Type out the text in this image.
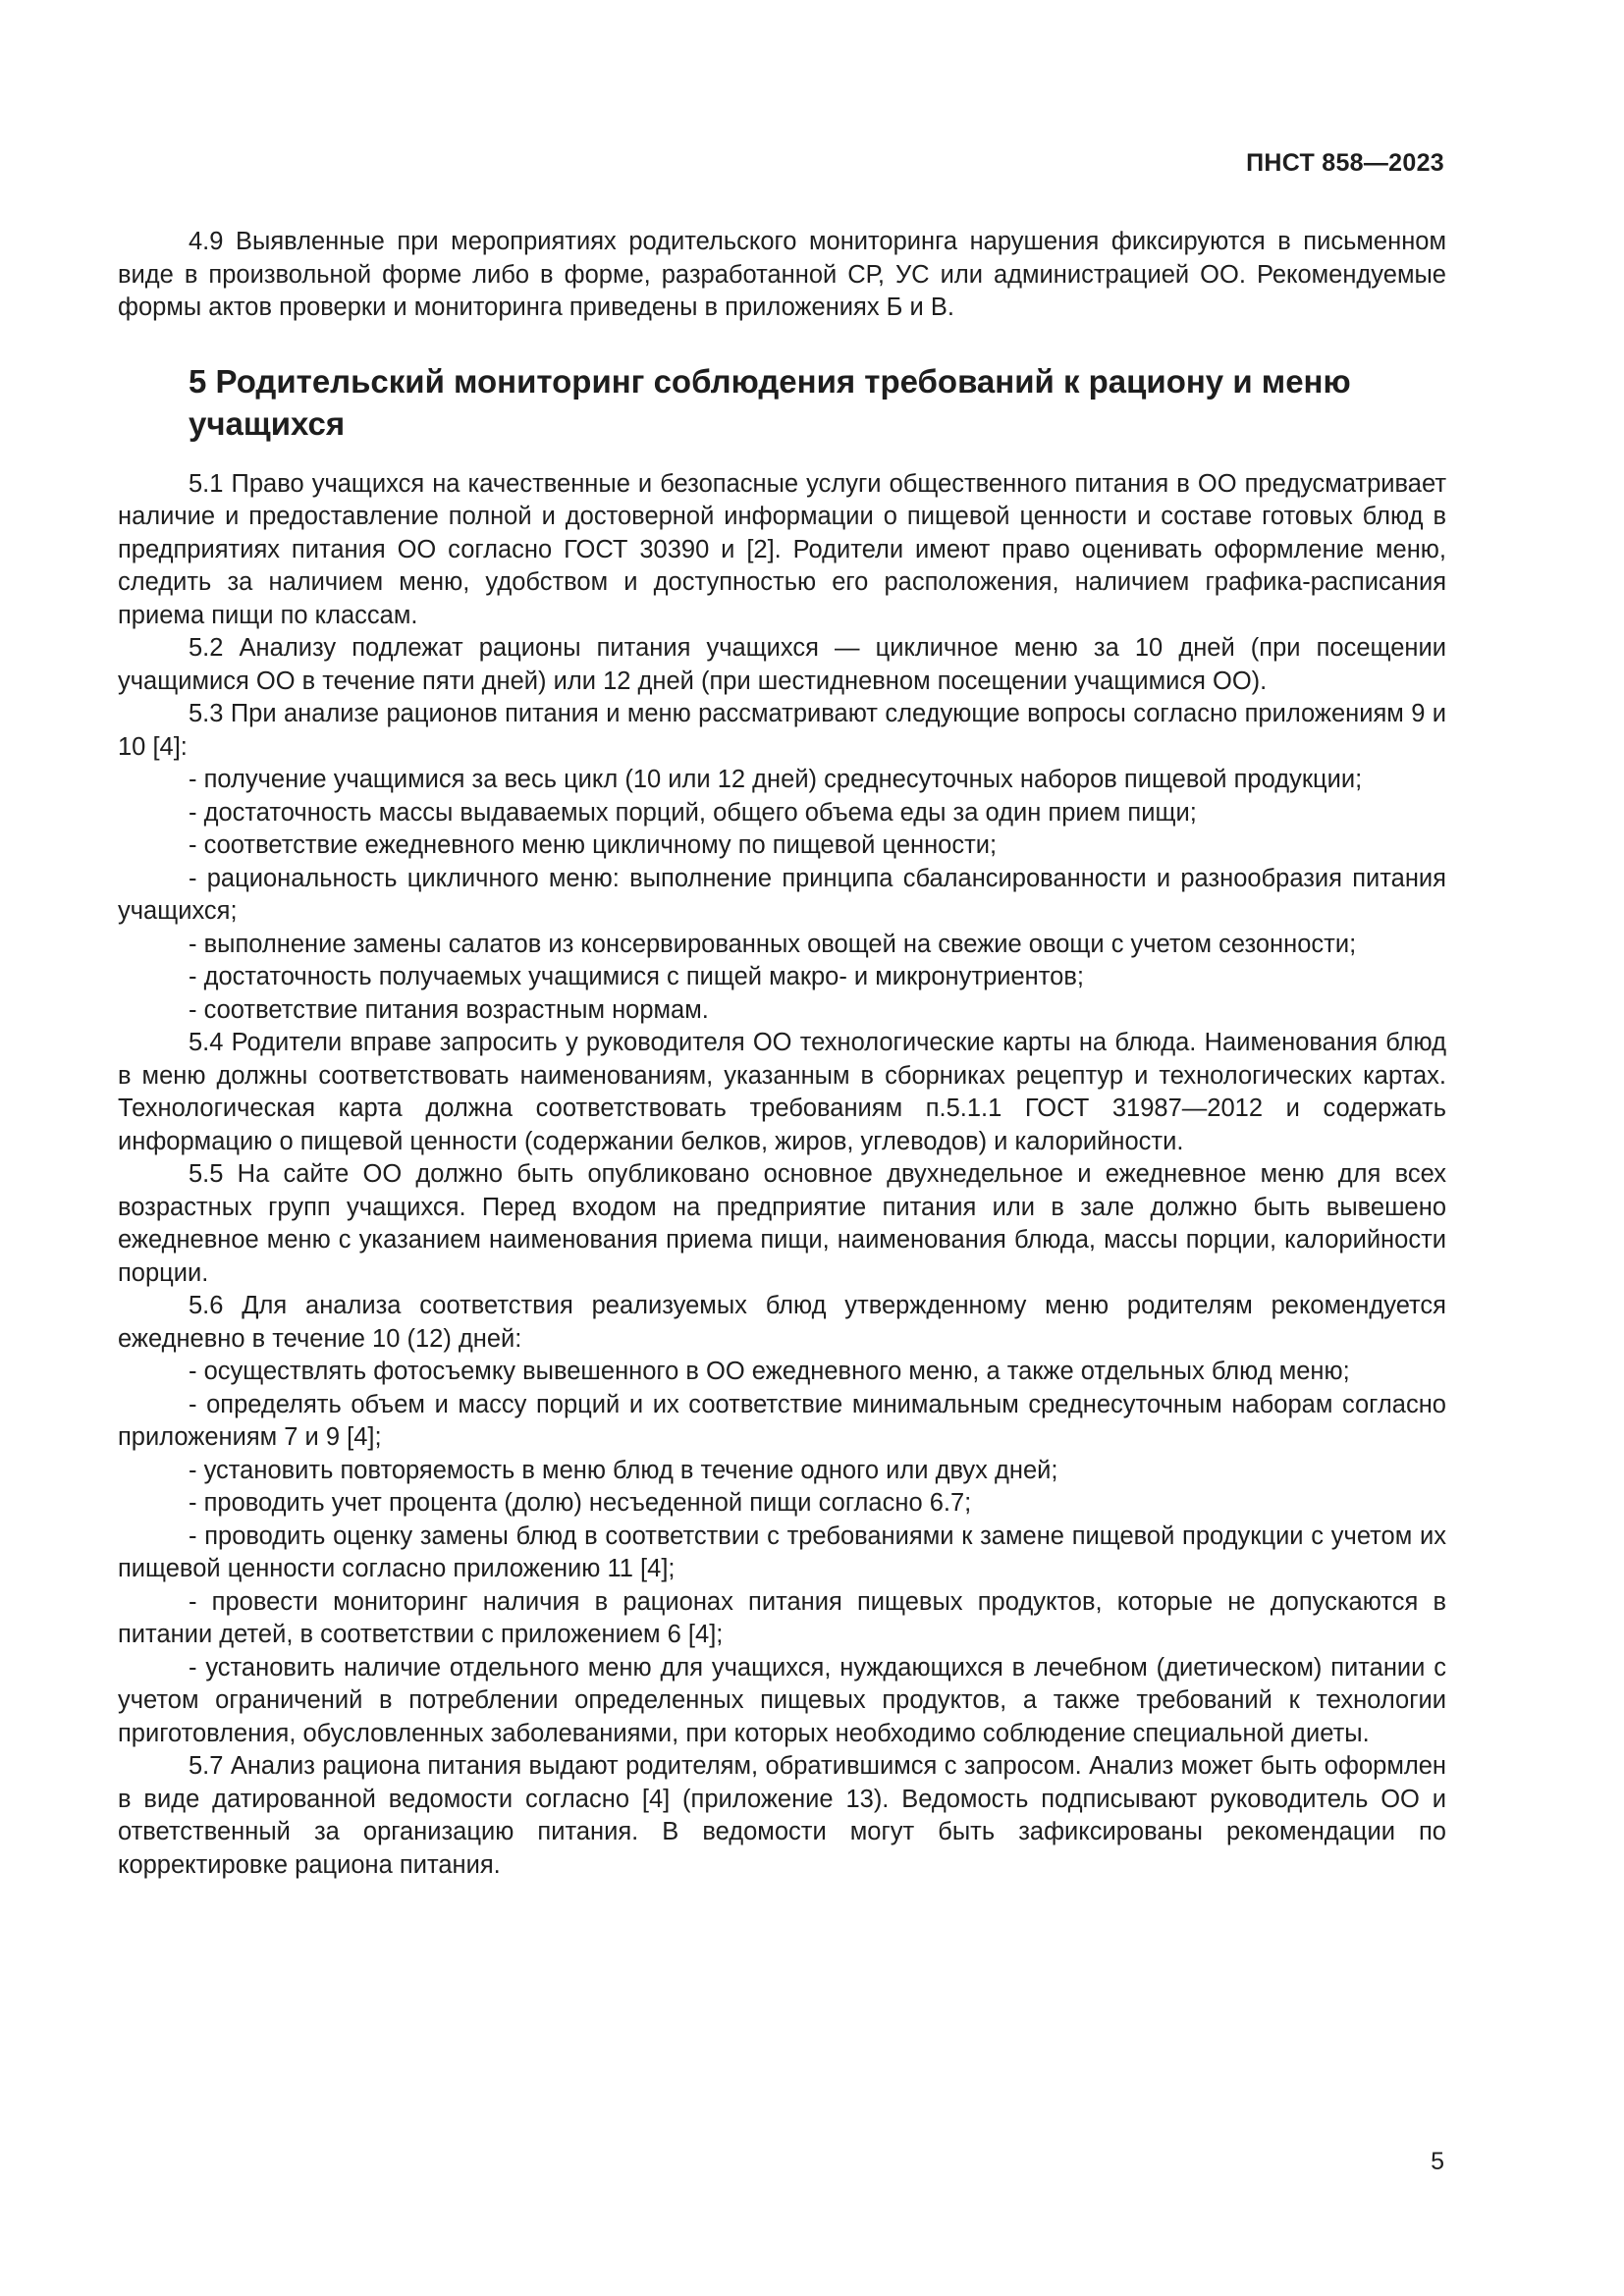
ПНСТ 858—2023

4.9 Выявленные при мероприятиях родительского мониторинга нарушения фиксируются в письменном виде в произвольной форме либо в форме, разработанной СР, УС или администрацией ОО. Рекомендуемые формы актов проверки и мониторинга приведены в приложениях Б и В.

5 Родительский мониторинг соблюдения требований к рациону и меню учащихся

5.1 Право учащихся на качественные и безопасные услуги общественного питания в ОО предусматривает наличие и предоставление полной и достоверной информации о пищевой ценности и составе готовых блюд в предприятиях питания ОО согласно ГОСТ 30390 и [2]. Родители имеют право оценивать оформление меню, следить за наличием меню, удобством и доступностью его расположения, наличием графика-расписания приема пищи по классам.

5.2 Анализу подлежат рационы питания учащихся — цикличное меню за 10 дней (при посещении учащимися ОО в течение пяти дней) или 12 дней (при шестидневном посещении учащимися ОО).

5.3 При анализе рационов питания и меню рассматривают следующие вопросы согласно приложениям 9 и 10 [4]:

- получение учащимися за весь цикл (10 или 12 дней) среднесуточных наборов пищевой продукции;

- достаточность массы выдаваемых порций, общего объема еды за один прием пищи;

- соответствие ежедневного меню цикличному по пищевой ценности;

- рациональность цикличного меню: выполнение принципа сбалансированности и разнообразия питания учащихся;

- выполнение замены салатов из консервированных овощей на свежие овощи с учетом сезонности;

- достаточность получаемых учащимися с пищей макро- и микронутриентов;

- соответствие питания возрастным нормам.

5.4 Родители вправе запросить у руководителя ОО технологические карты на блюда. Наименования блюд в меню должны соответствовать наименованиям, указанным в сборниках рецептур и технологических картах. Технологическая карта должна соответствовать требованиям п.5.1.1 ГОСТ 31987—2012 и содержать информацию о пищевой ценности (содержании белков, жиров, углеводов) и калорийности.

5.5 На сайте ОО должно быть опубликовано основное двухнедельное и ежедневное меню для всех возрастных групп учащихся. Перед входом на предприятие питания или в зале должно быть вывешено ежедневное меню с указанием наименования приема пищи, наименования блюда, массы порции, калорийности порции.

5.6 Для анализа соответствия реализуемых блюд утвержденному меню родителям рекомендуется ежедневно в течение 10 (12) дней:

- осуществлять фотосъемку вывешенного в ОО ежедневного меню, а также отдельных блюд меню;

- определять объем и массу порций и их соответствие минимальным среднесуточным наборам согласно приложениям 7 и 9 [4];

- установить повторяемость в меню блюд в течение одного или двух дней;

- проводить учет процента (долю) несъеденной пищи согласно 6.7;

- проводить оценку замены блюд в соответствии с требованиями к замене пищевой продукции с учетом их пищевой ценности согласно приложению 11 [4];

- провести мониторинг наличия в рационах питания пищевых продуктов, которые не допускаются в питании детей, в соответствии с приложением 6 [4];

- установить наличие отдельного меню для учащихся, нуждающихся в лечебном (диетическом) питании с учетом ограничений в потреблении определенных пищевых продуктов, а также требований к технологии приготовления, обусловленных заболеваниями, при которых необходимо соблюдение специальной диеты.

5.7 Анализ рациона питания выдают родителям, обратившимся с запросом. Анализ может быть оформлен в виде датированной ведомости согласно [4] (приложение 13). Ведомость подписывают руководитель ОО и ответственный за организацию питания. В ведомости могут быть зафиксированы рекомендации по корректировке рациона питания.

5
